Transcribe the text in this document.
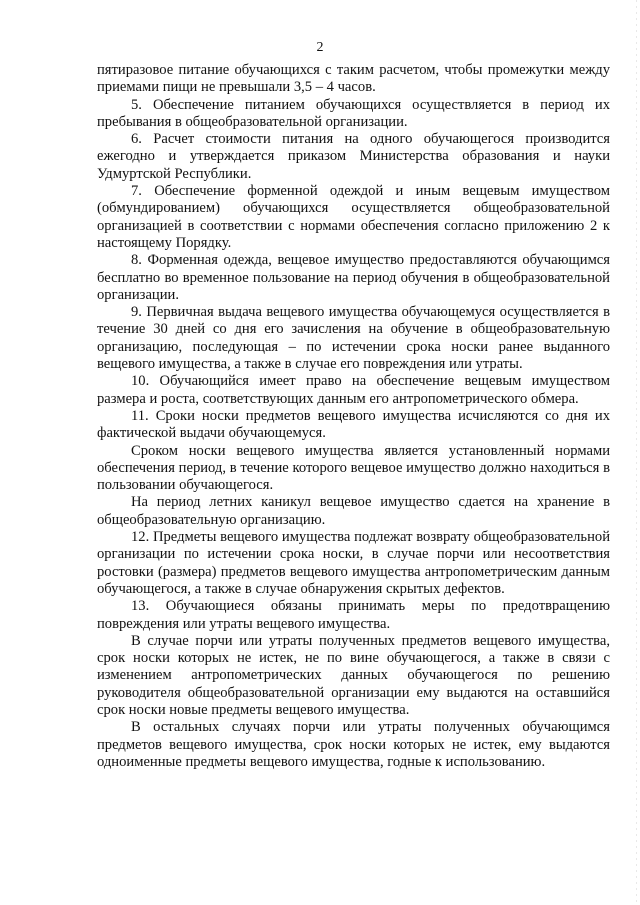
2

пятиразовое питание обучающихся с таким расчетом, чтобы промежутки между приемами пищи не превышали 3,5 – 4 часов.

5. Обеспечение питанием обучающихся осуществляется в период их пребывания в общеобразовательной организации.

6. Расчет стоимости питания на одного обучающегося производится ежегодно и утверждается приказом Министерства образования и науки Удмуртской Республики.

7. Обеспечение форменной одеждой и иным вещевым имуществом (обмундированием) обучающихся осуществляется общеобразовательной организацией в соответствии с нормами обеспечения согласно приложению 2 к настоящему Порядку.

8. Форменная одежда, вещевое имущество предоставляются обучающимся бесплатно во временное пользование на период обучения в общеобразовательной организации.

9. Первичная выдача вещевого имущества обучающемуся осуществляется в течение 30 дней со дня его зачисления на обучение в общеобразовательную организацию, последующая – по истечении срока носки ранее выданного вещевого имущества, а также в случае его повреждения или утраты.

10. Обучающийся имеет право на обеспечение вещевым имуществом размера и роста, соответствующих данным его антропометрического обмера.

11. Сроки носки предметов вещевого имущества исчисляются со дня их фактической выдачи обучающемуся.

Сроком носки вещевого имущества является установленный нормами обеспечения период, в течение которого вещевое имущество должно находиться в пользовании обучающегося.

На период летних каникул вещевое имущество сдается на хранение в общеобразовательную организацию.

12. Предметы вещевого имущества подлежат возврату общеобразовательной организации по истечении срока носки, в случае порчи или несоответствия ростовки (размера) предметов вещевого имущества антропометрическим данным обучающегося, а также в случае обнаружения скрытых дефектов.

13. Обучающиеся обязаны принимать меры по предотвращению повреждения или утраты вещевого имущества.

В случае порчи или утраты полученных предметов вещевого имущества, срок носки которых не истек, не по вине обучающегося, а также в связи с изменением антропометрических данных обучающегося по решению руководителя общеобразовательной организации ему выдаются на оставшийся срок носки новые предметы вещевого имущества.

В остальных случаях порчи или утраты полученных обучающимся предметов вещевого имущества, срок носки которых не истек, ему выдаются одноименные предметы вещевого имущества, годные к использованию.
